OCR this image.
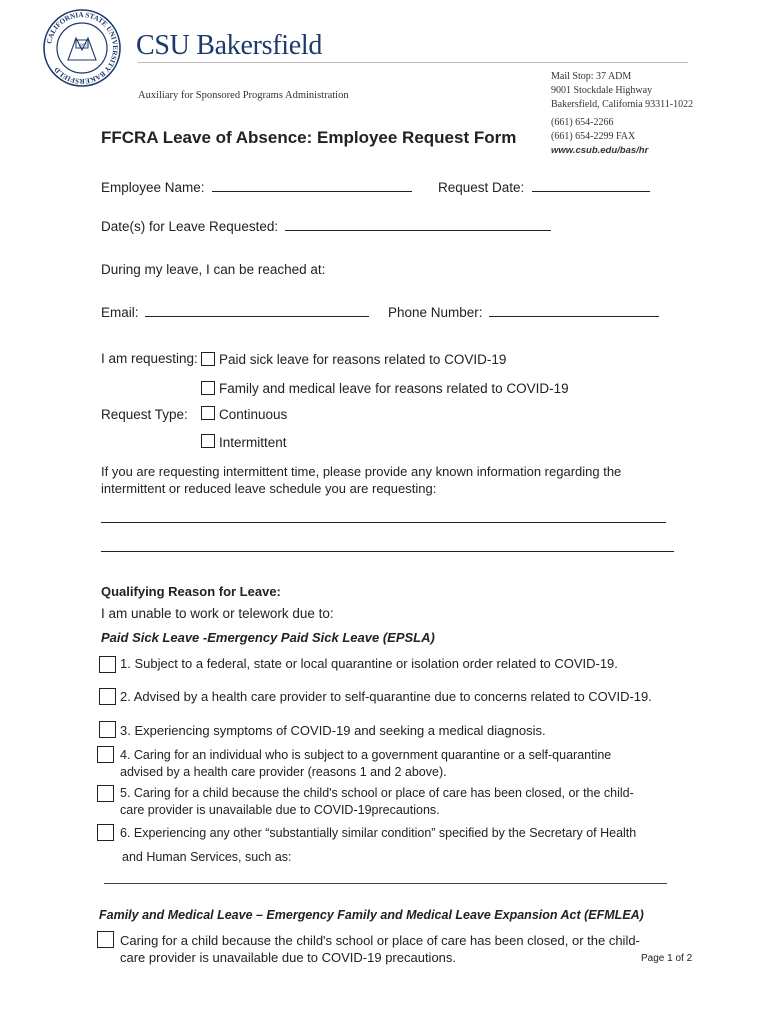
CALIFORNIA STATE UNIVERSITY BAKERSFIELD
1965 CSU Bakersfield
Auxiliary for Sponsored Programs Administration
Mail Stop: 37 ADM
9001 Stockdale Highway
Bakersfield, California 93311-1022
(661) 654-2266
(661) 654-2299 FAX
www.csub.edu/bas/hr
FFCRA Leave of Absence: Employee Request Form
Employee Name:	Request Date:
Date(s) for Leave Requested:
During my leave, I can be reached at:
Email:	Phone Number:
I am requesting: Paid sick leave for reasons related to COVID-19
Family and medical leave for reasons related to COVID-19
Request Type: Continuous
Intermittent
If you are requesting intermittent time, please provide any known information regarding the
intermittent or reduced leave schedule you are requesting:
Qualifying Reason for Leave:
I am unable to work or telework due to:
Paid Sick Leave -Emergency Paid Sick Leave (EPSLA)
1. Subject to a federal, state or local quarantine or isolation order related to COVID-19.
2. Advised by a health care provider to self-quarantine due to concerns related to COVID-19.
3. Experiencing symptoms of COVID-19 and seeking a medical diagnosis.
4. Caring for an individual who is subject to a government quarantine or a self-quarantine
advised by a health care provider (reasons 1 and 2 above).
5. Caring for a child because the child's school or place of care has been closed, or the child-
care provider is unavailable due to COVID-19precautions.
6. Experiencing any other “substantially similar condition” specified by the Secretary of Health
and Human Services, such as:
Family and Medical Leave – Emergency Family and Medical Leave Expansion Act (EFMLEA)
Caring for a child because the child's school or place of care has been closed, or the child-
care provider is unavailable due to COVID-19 precautions.	Page 1 of 2
